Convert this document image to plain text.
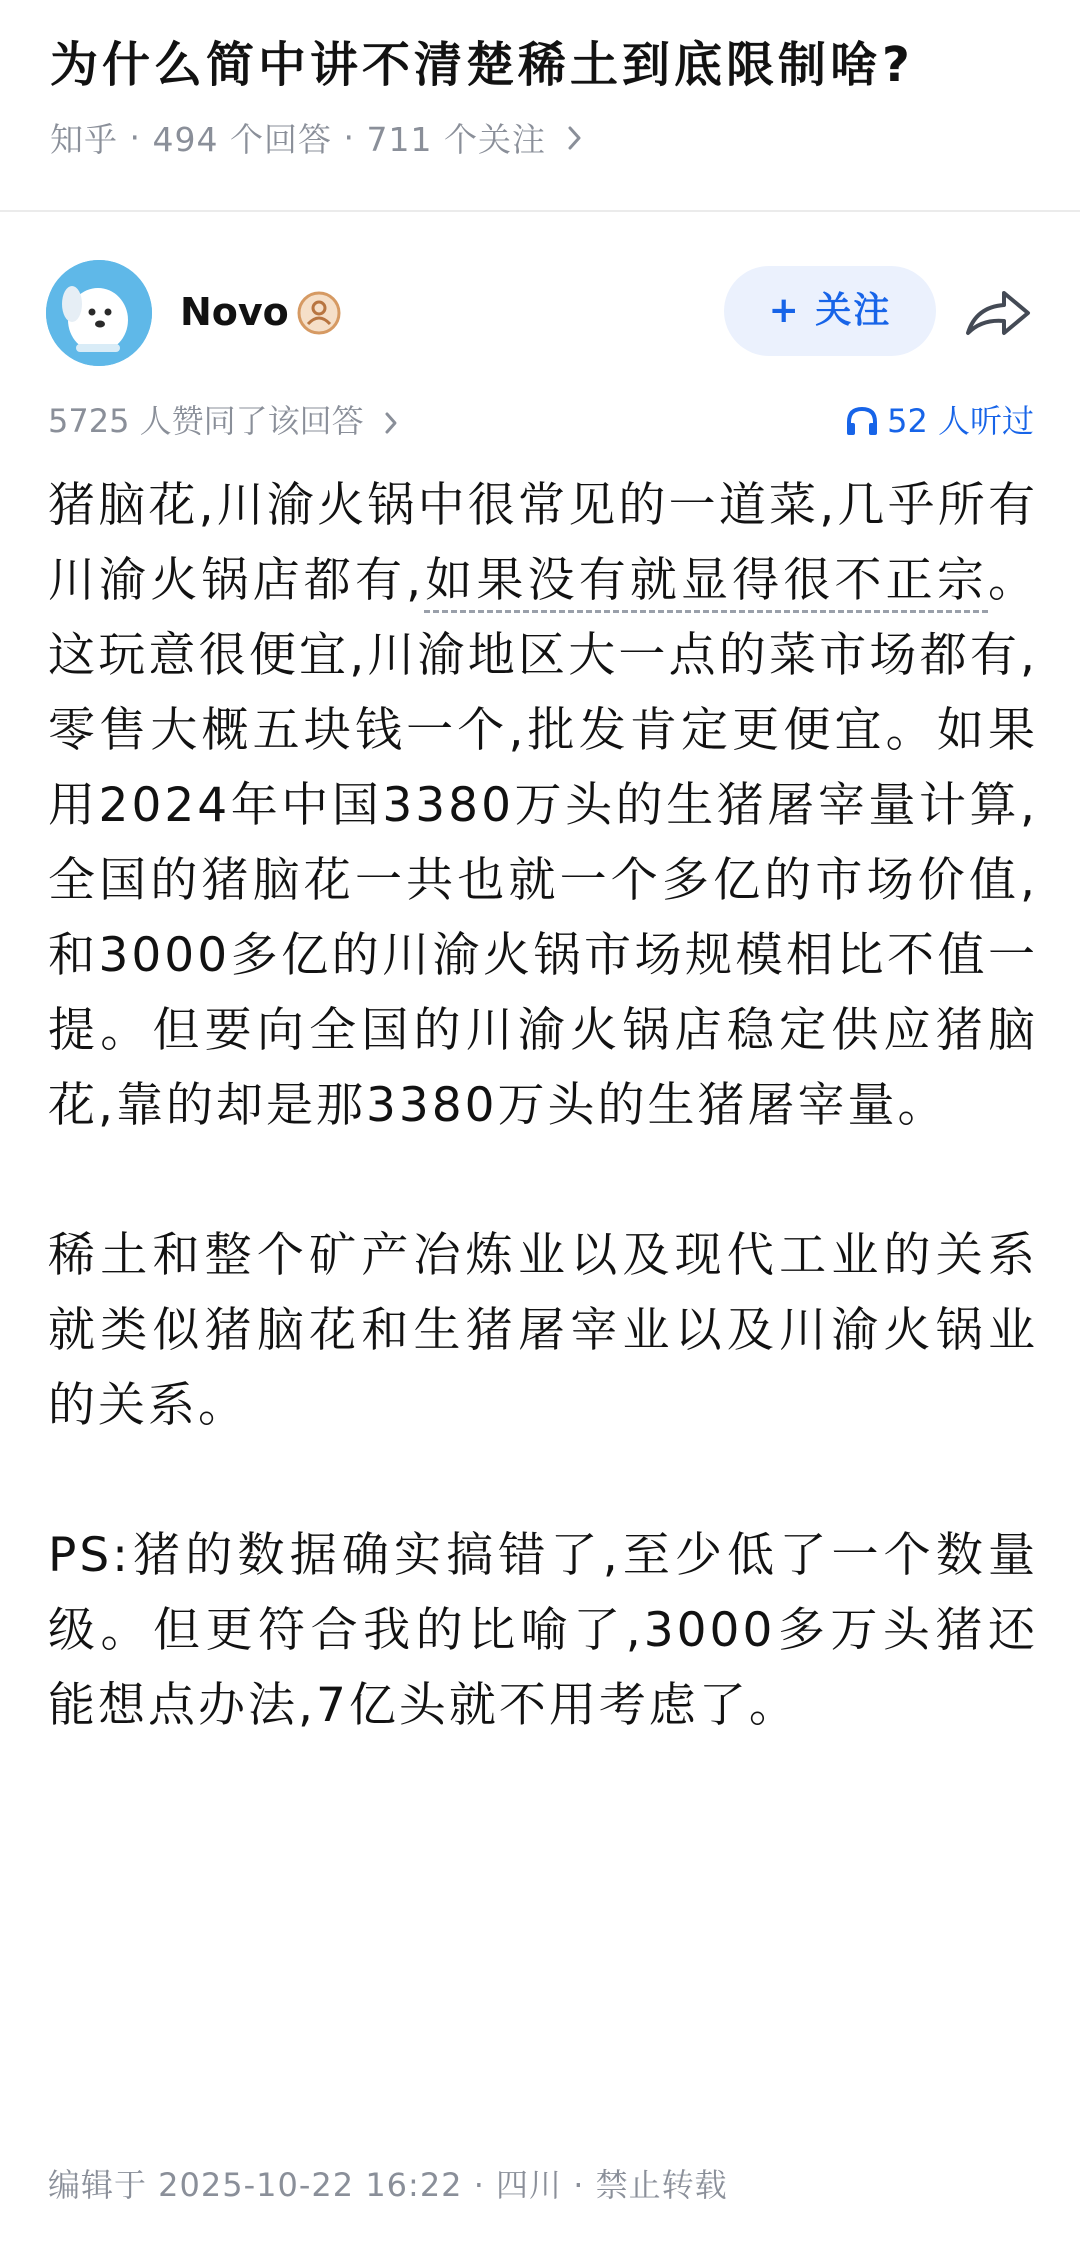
为什么简中讲不清楚稀土到底限制啥?
知乎 · 494 个回答 · 711 个关注
Novo	+ 关注
5725 人赞同了该回答	52 人听过

猪脑花,川渝火锅中很常见的一道菜,几乎所有川渝火锅店都有,如果没有就显得很不正宗。这玩意很便宜,川渝地区大一点的菜市场都有,零售大概五块钱一个,批发肯定更便宜。如果用2024年中国3380万头的生猪屠宰量计算,全国的猪脑花一共也就一个多亿的市场价值,和3000多亿的川渝火锅市场规模相比不值一提。但要向全国的川渝火锅店稳定供应猪脑花,靠的却是那3380万头的生猪屠宰量。

稀土和整个矿产冶炼业以及现代工业的关系就类似猪脑花和生猪屠宰业以及川渝火锅业的关系。

PS:猪的数据确实搞错了,至少低了一个数量级。但更符合我的比喻了,3000多万头猪还能想点办法,7亿头就不用考虑了。

编辑于 2025-10-22 16:22 · 四川 · 禁止转载
